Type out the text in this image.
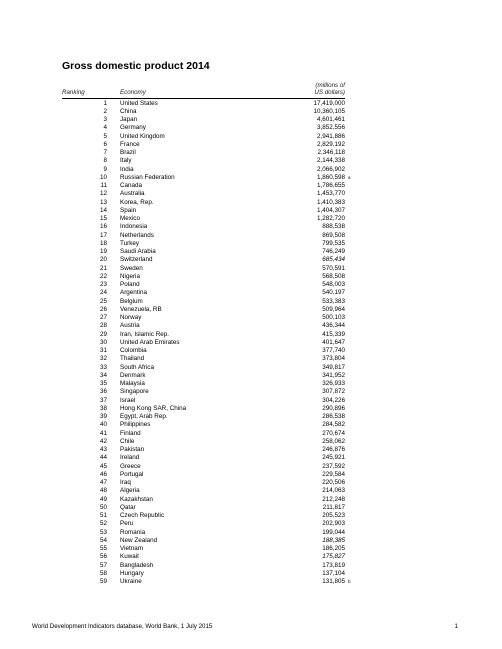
Gross domestic product 2014
(millions of
US dollars)
Ranking	Economy
1 United States	17,419,000
2 China	10,360,105
3 Japan	4,601,461
4 Germany	3,852,556
5 United Kingdom	2,941,886
6 France	2,829,192
7 Brazil	2,346,118
8 Italy	2,144,338
9 India	2,066,902
10 Russian Federation	1,860,598 a
11 Canada	1,786,655
12 Australia	1,453,770
13 Korea, Rep.	1,410,383
14 Spain	1,404,307
15 Mexico	1,282,720
16 Indonesia	888,538
17 Netherlands	869,508
18 Turkey	799,535
19 Saudi Arabia	746,249
20 Switzerland	685,434
21 Sweden	570,591
22 Nigeria	568,508
23 Poland	548,003
24 Argentina	540,197
25 Belgium	533,383
26 Venezuela, RB	509,964
27 Norway	500,103
28 Austria	436,344
29 Iran, Islamic Rep.	415,339
30 United Arab Emirates	401,647
31 Colombia	377,740
32 Thailand	373,804
33 South Africa	349,817
34 Denmark	341,952
35 Malaysia	326,933
36 Singapore	307,872
37 Israel	304,226
38 Hong Kong SAR, China	290,896
39 Egypt, Arab Rep.	286,538
40 Philippines	284,582
41 Finland	270,674
42 Chile	258,062
43 Pakistan	246,876
44 Ireland	245,921
45 Greece	237,592
46 Portugal	229,584
47 Iraq	220,506
48 Algeria	214,063
49 Kazakhstan	212,248
50 Qatar	211,817
51 Czech Republic	205,523
52 Peru	202,903
53 Romania	199,044
54 New Zealand	188,385
55 Vietnam	186,205
56 Kuwait	175,827
57 Bangladesh	173,819
58 Hungary	137,104
59 Ukraine	131,805 b
World Development Indicators database, World Bank, 1 July 2015	1
